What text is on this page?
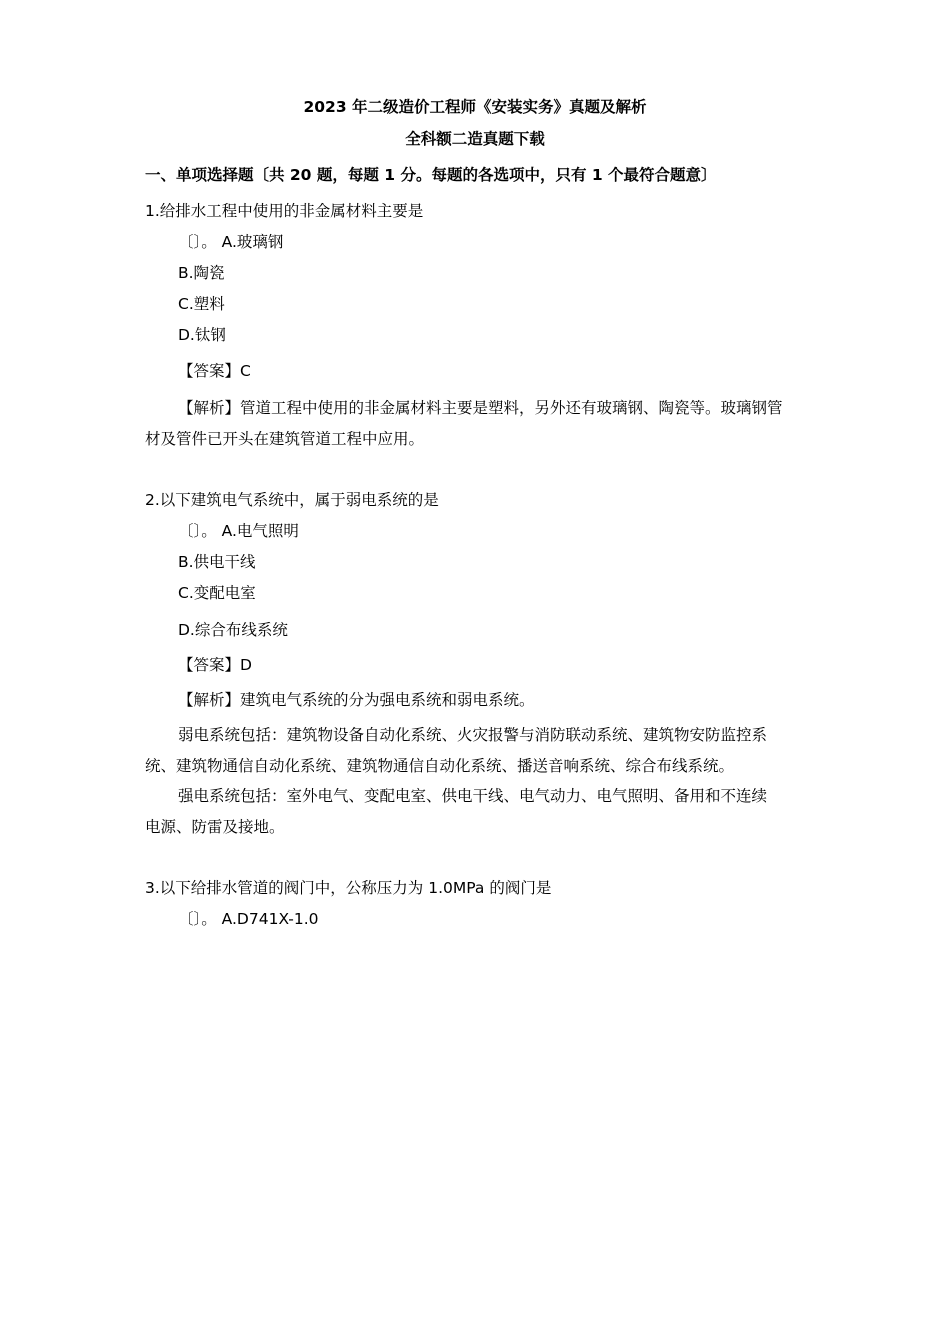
2023 年二级造价工程师《安装实务》真题及解析
全科额二造真题下载
一、单项选择题〔共 20 题，每题 1 分。每题的各选项中，只有 1 个最符合题意〕
1.给排水工程中使用的非金属材料主要是
〔〕。 A.玻璃钢
B.陶瓷
C.塑料
D.钛钢
【答案】C
【解析】管道工程中使用的非金属材料主要是塑料，另外还有玻璃钢、陶瓷等。玻璃钢管
材及管件已开头在建筑管道工程中应用。
2.以下建筑电气系统中，属于弱电系统的是
〔〕。 A.电气照明
B.供电干线
C.变配电室
D.综合布线系统
【答案】D
【解析】建筑电气系统的分为强电系统和弱电系统。
弱电系统包括：建筑物设备自动化系统、火灾报警与消防联动系统、建筑物安防监控系
统、建筑物通信自动化系统、建筑物通信自动化系统、播送音响系统、综合布线系统。
强电系统包括：室外电气、变配电室、供电干线、电气动力、电气照明、备用和不连续
电源、防雷及接地。
3.以下给排水管道的阀门中，公称压力为 1.0MPa 的阀门是
〔〕。 A.D741X-1.0
